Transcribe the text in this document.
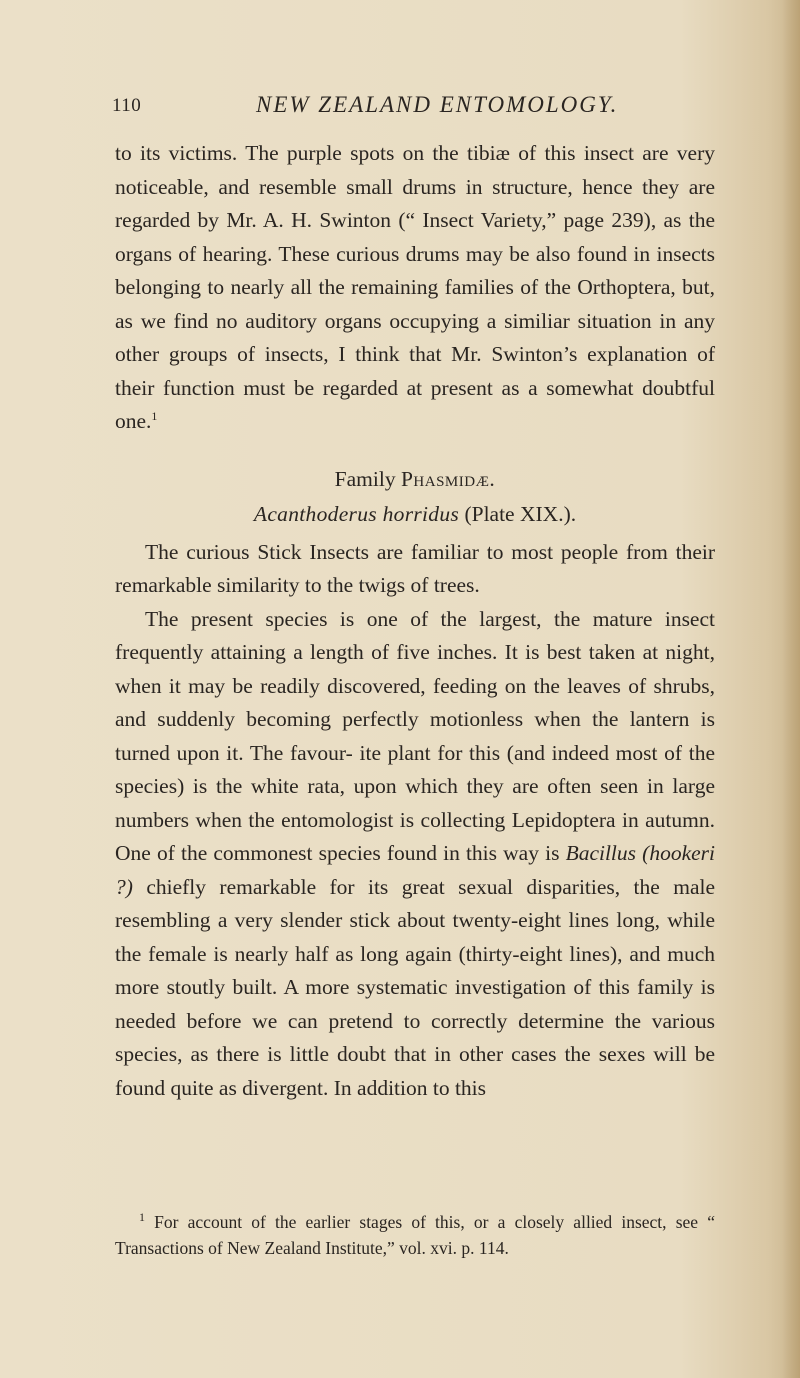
110	NEW ZEALAND ENTOMOLOGY.

to its victims. The purple spots on the tibiæ of this insect are very noticeable, and resemble small drums in structure, hence they are regarded by Mr. A. H. Swinton (“ Insect Variety,” page 239), as the organs of hearing. These curious drums may be also found in insects belonging to nearly all the remaining families of the Orthoptera, but, as we find no auditory organs occupying a similiar situation in any other groups of insects, I think that Mr. Swinton’s explanation of their function must be regarded at present as a somewhat doubtful one.$^1$

Family Phasmidæ.
Acanthoderus horridus (Plate XIX.).

The curious Stick Insects are familiar to most people from their remarkable similarity to the twigs of trees.

The present species is one of the largest, the mature insect frequently attaining a length of five inches. It is best taken at night, when it may be readily discovered, feeding on the leaves of shrubs, and suddenly becoming perfectly motionless when the lantern is turned upon it. The favour- ite plant for this (and indeed most of the species) is the white rata, upon which they are often seen in large numbers when the entomologist is collecting Lepidoptera in autumn. One of the commonest species found in this way is Bacillus (hookeri ?) chiefly remarkable for its great sexual disparities, the male resembling a very slender stick about twenty-eight lines long, while the female is nearly half as long again (thirty-eight lines), and much more stoutly built. A more systematic investigation of this family is needed before we can pretend to correctly determine the various species, as there is little doubt that in other cases the sexes will be found quite as divergent. In addition to this

$^1$ For account of the earlier stages of this, or a closely allied insect, see “ Transactions of New Zealand Institute,” vol. xvi. p. 114.
